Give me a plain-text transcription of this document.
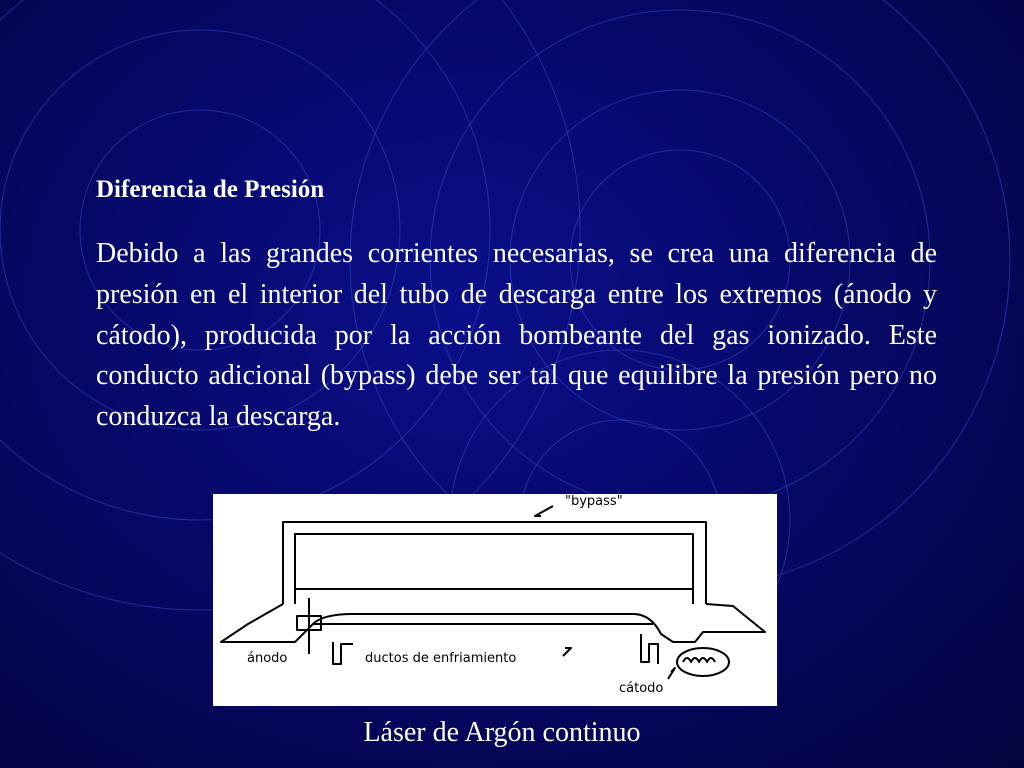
Diferencia de Presión

Debido a las grandes corrientes necesarias, se crea una diferencia de presión en el interior del tubo de descarga entre los extremos (ánodo y cátodo), producida por la acción bombeante del gas ionizado. Este conducto adicional (bypass) debe ser tal que equilibre la presión pero no conduzca la descarga.

"bypass"
ánodo	ductos de enfriamiento
cátodo

Láser de Argón continuo
